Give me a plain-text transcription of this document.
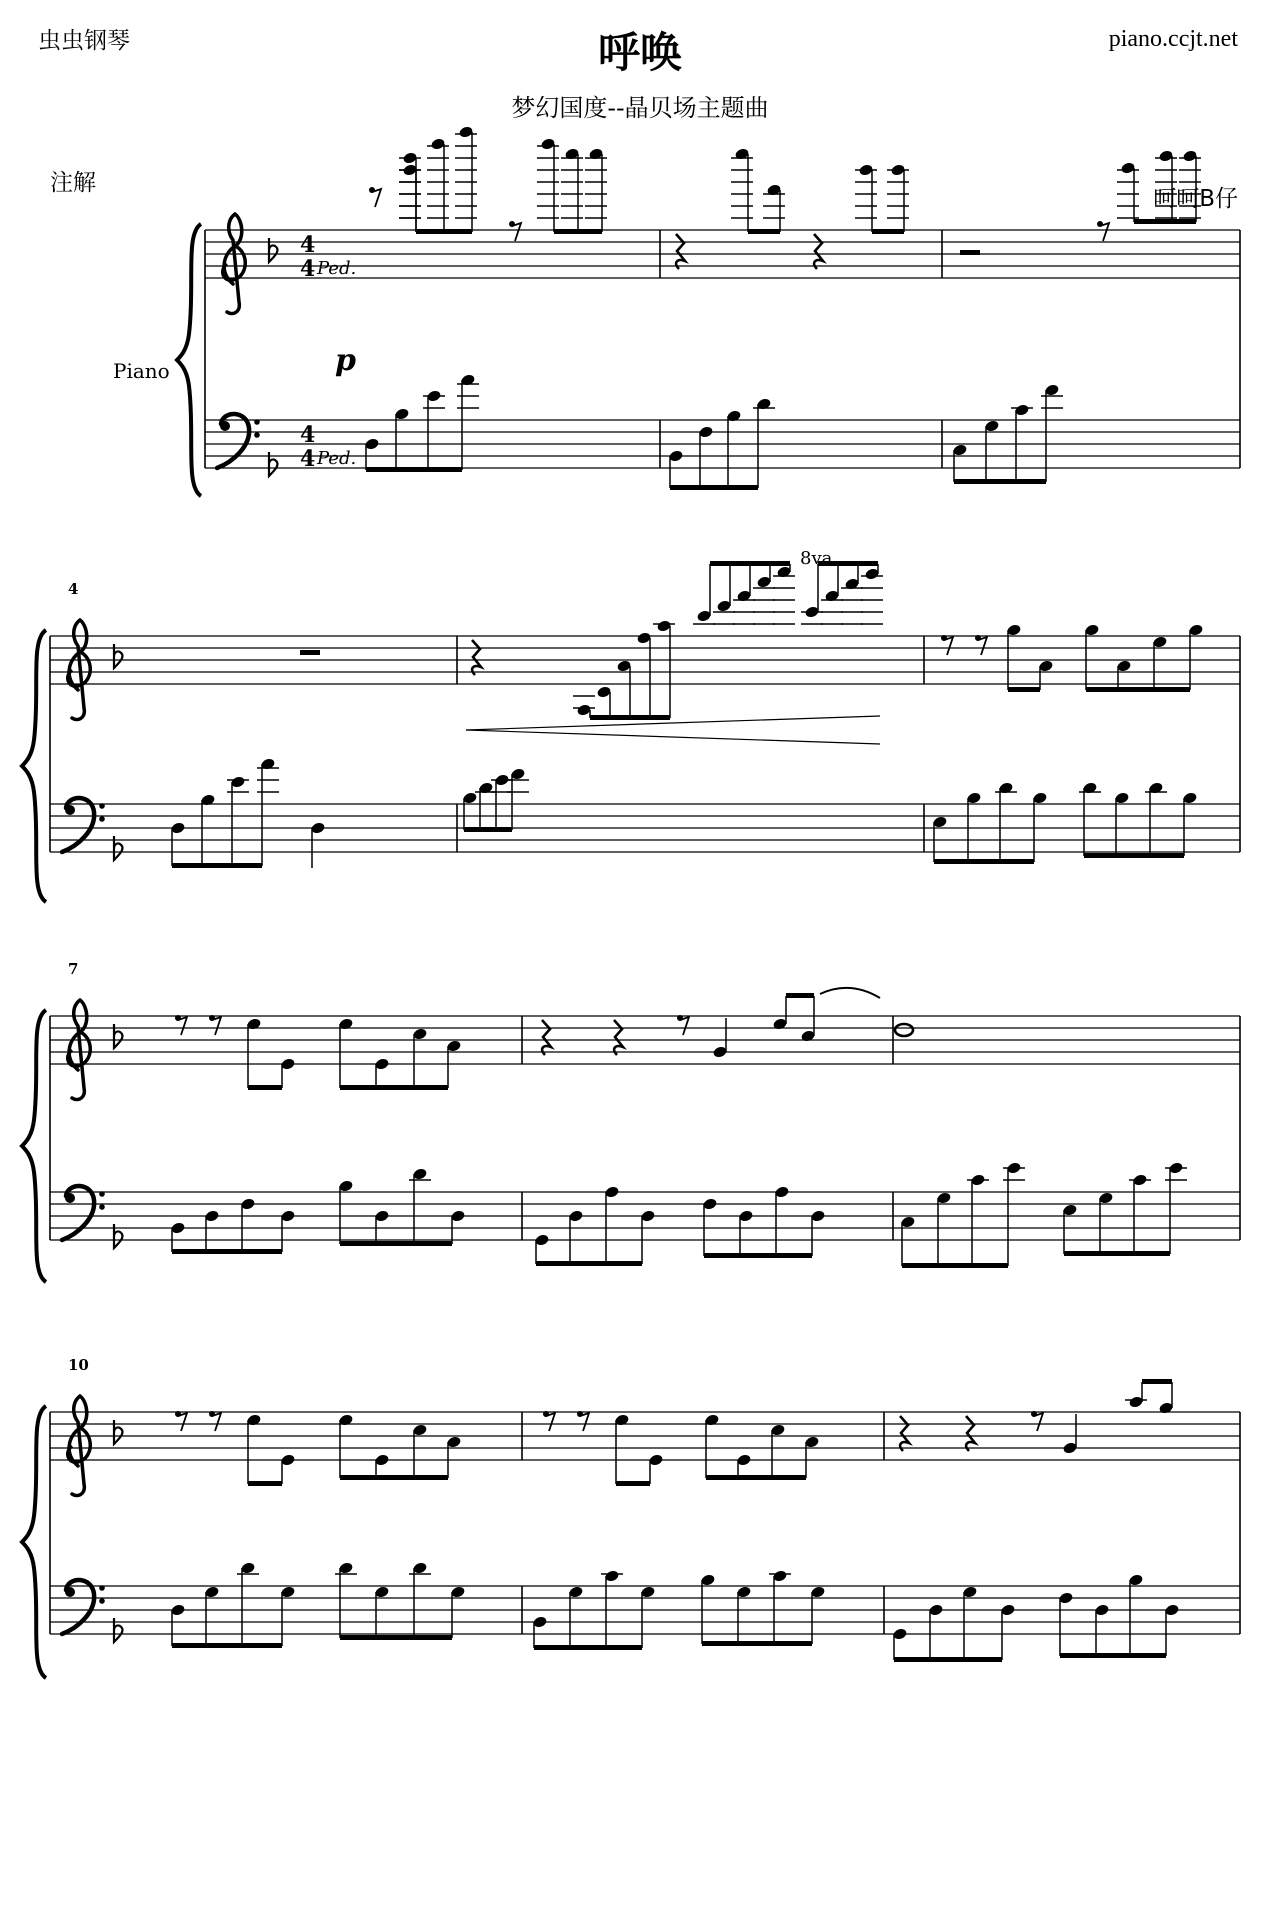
虫虫钢琴	呼唤	piano.ccjt.net
梦幻国度--晶贝场主题曲
注解
呵呵B仔
4
7
10
Piano
4
4 Ped.
4
4 Ped.
p
8va
